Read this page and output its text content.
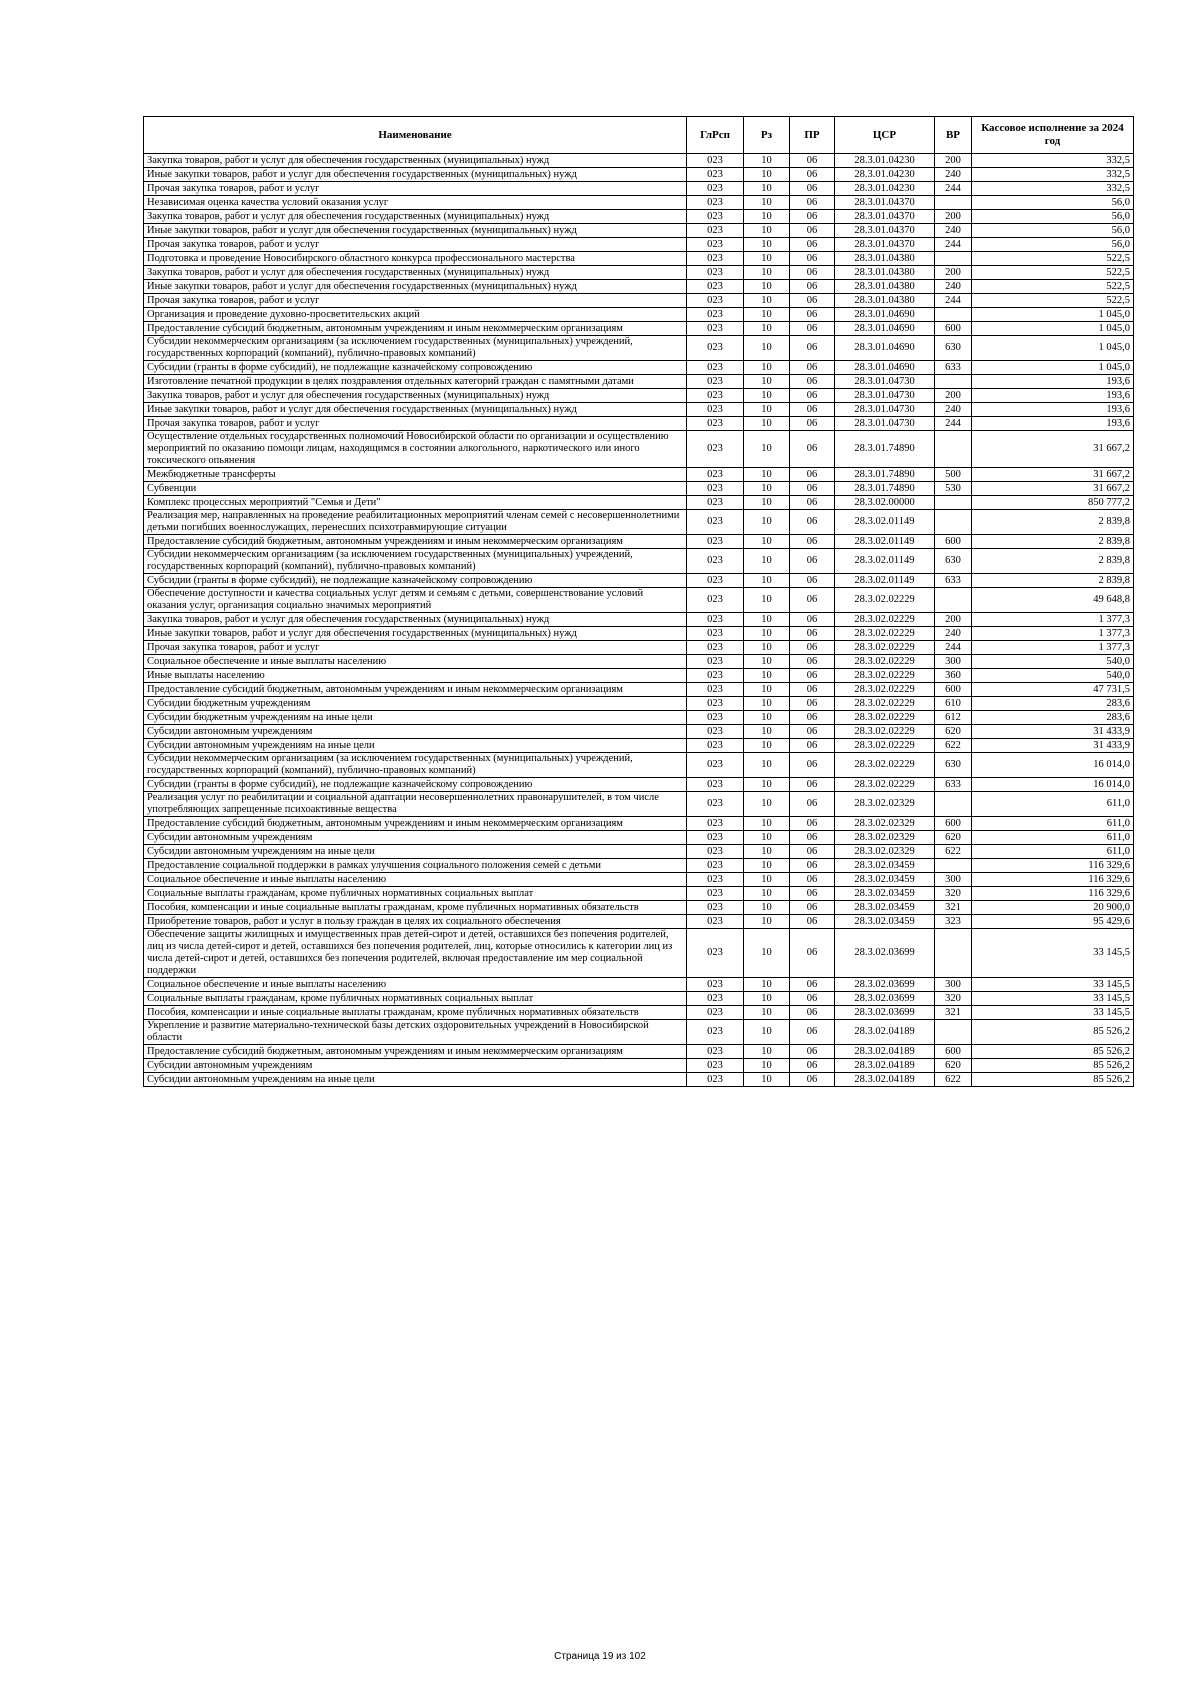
Наименование	ГлРсп	Рз	ПР	ЦСР	ВР	Кассовое исполнение за 2024 год
Закупка товаров, работ и услуг для обеспечения государственных (муниципальных) нужд	023	10	06	28.3.01.04230	200	332,5
Иные закупки товаров, работ и услуг для обеспечения государственных (муниципальных) нужд	023	10	06	28.3.01.04230	240	332,5
Прочая закупка товаров, работ и услуг	023	10	06	28.3.01.04230	244	332,5
Независимая оценка качества условий оказания услуг	023	10	06	28.3.01.04370		56,0
Закупка товаров, работ и услуг для обеспечения государственных (муниципальных) нужд	023	10	06	28.3.01.04370	200	56,0
Иные закупки товаров, работ и услуг для обеспечения государственных (муниципальных) нужд	023	10	06	28.3.01.04370	240	56,0
Прочая закупка товаров, работ и услуг	023	10	06	28.3.01.04370	244	56,0
Подготовка и проведение Новосибирского областного конкурса профессионального мастерства	023	10	06	28.3.01.04380		522,5
Закупка товаров, работ и услуг для обеспечения государственных (муниципальных) нужд	023	10	06	28.3.01.04380	200	522,5
Иные закупки товаров, работ и услуг для обеспечения государственных (муниципальных) нужд	023	10	06	28.3.01.04380	240	522,5
Прочая закупка товаров, работ и услуг	023	10	06	28.3.01.04380	244	522,5
Организация и проведение духовно-просветительских акций	023	10	06	28.3.01.04690		1 045,0
Предоставление субсидий бюджетным, автономным учреждениям и иным некоммерческим организациям	023	10	06	28.3.01.04690	600	1 045,0
Субсидии некоммерческим организациям (за исключением государственных (муниципальных) учреждений, государственных корпораций (компаний), публично-правовых компаний)	023	10	06	28.3.01.04690	630	1 045,0
Субсидии (гранты в форме субсидий), не подлежащие казначейскому сопровождению	023	10	06	28.3.01.04690	633	1 045,0
Изготовление печатной продукции в целях поздравления отдельных категорий граждан с памятными датами	023	10	06	28.3.01.04730		193,6
Закупка товаров, работ и услуг для обеспечения государственных (муниципальных) нужд	023	10	06	28.3.01.04730	200	193,6
Иные закупки товаров, работ и услуг для обеспечения государственных (муниципальных) нужд	023	10	06	28.3.01.04730	240	193,6
Прочая закупка товаров, работ и услуг	023	10	06	28.3.01.04730	244	193,6
Осуществление отдельных государственных полномочий Новосибирской области по организации и осуществлению мероприятий по оказанию помощи лицам, находящимся в состоянии алкогольного, наркотического или иного токсического опьянения	023	10	06	28.3.01.74890		31 667,2
Межбюджетные трансферты	023	10	06	28.3.01.74890	500	31 667,2
Субвенции	023	10	06	28.3.01.74890	530	31 667,2
Комплекс процессных мероприятий "Семья и Дети"	023	10	06	28.3.02.00000		850 777,2
Реализация мер, направленных на проведение реабилитационных мероприятий членам семей с несовершеннолетними детьми погибших военнослужащих, перенесших психотравмирующие ситуации	023	10	06	28.3.02.01149		2 839,8
Предоставление субсидий бюджетным, автономным учреждениям и иным некоммерческим организациям	023	10	06	28.3.02.01149	600	2 839,8
Субсидии некоммерческим организациям (за исключением государственных (муниципальных) учреждений, государственных корпораций (компаний), публично-правовых компаний)	023	10	06	28.3.02.01149	630	2 839,8
Субсидии (гранты в форме субсидий), не подлежащие казначейскому сопровождению	023	10	06	28.3.02.01149	633	2 839,8
Обеспечение доступности и качества социальных услуг детям и семьям с детьми, совершенствование условий оказания услуг, организация социально значимых мероприятий	023	10	06	28.3.02.02229		49 648,8
Закупка товаров, работ и услуг для обеспечения государственных (муниципальных) нужд	023	10	06	28.3.02.02229	200	1 377,3
Иные закупки товаров, работ и услуг для обеспечения государственных (муниципальных) нужд	023	10	06	28.3.02.02229	240	1 377,3
Прочая закупка товаров, работ и услуг	023	10	06	28.3.02.02229	244	1 377,3
Социальное обеспечение и иные выплаты населению	023	10	06	28.3.02.02229	300	540,0
Иные выплаты населению	023	10	06	28.3.02.02229	360	540,0
Предоставление субсидий бюджетным, автономным учреждениям и иным некоммерческим организациям	023	10	06	28.3.02.02229	600	47 731,5
Субсидии бюджетным учреждениям	023	10	06	28.3.02.02229	610	283,6
Субсидии бюджетным учреждениям на иные цели	023	10	06	28.3.02.02229	612	283,6
Субсидии автономным учреждениям	023	10	06	28.3.02.02229	620	31 433,9
Субсидии автономным учреждениям на иные цели	023	10	06	28.3.02.02229	622	31 433,9
Субсидии некоммерческим организациям (за исключением государственных (муниципальных) учреждений, государственных корпораций (компаний), публично-правовых компаний)	023	10	06	28.3.02.02229	630	16 014,0
Субсидии (гранты в форме субсидий), не подлежащие казначейскому сопровождению	023	10	06	28.3.02.02229	633	16 014,0
Реализация услуг по реабилитации и социальной адаптации несовершеннолетних правонарушителей, в том числе употребляющих запрещенные психоактивные вещества	023	10	06	28.3.02.02329		611,0
Предоставление субсидий бюджетным, автономным учреждениям и иным некоммерческим организациям	023	10	06	28.3.02.02329	600	611,0
Субсидии автономным учреждениям	023	10	06	28.3.02.02329	620	611,0
Субсидии автономным учреждениям на иные цели	023	10	06	28.3.02.02329	622	611,0
Предоставление социальной поддержки в рамках улучшения социального положения семей с детьми	023	10	06	28.3.02.03459		116 329,6
Социальное обеспечение и иные выплаты населению	023	10	06	28.3.02.03459	300	116 329,6
Социальные выплаты гражданам, кроме публичных нормативных социальных выплат	023	10	06	28.3.02.03459	320	116 329,6
Пособия, компенсации и иные социальные выплаты гражданам, кроме публичных нормативных обязательств	023	10	06	28.3.02.03459	321	20 900,0
Приобретение товаров, работ и услуг в пользу граждан в целях их социального обеспечения	023	10	06	28.3.02.03459	323	95 429,6
Обеспечение защиты жилищных и имущественных прав детей-сирот и детей, оставшихся без попечения родителей, лиц из числа детей-сирот и детей, оставшихся без попечения родителей, лиц, которые относились к категории лиц из числа детей-сирот и детей, оставшихся без попечения родителей, включая предоставление им мер социальной поддержки	023	10	06	28.3.02.03699		33 145,5
Социальное обеспечение и иные выплаты населению	023	10	06	28.3.02.03699	300	33 145,5
Социальные выплаты гражданам, кроме публичных нормативных социальных выплат	023	10	06	28.3.02.03699	320	33 145,5
Пособия, компенсации и иные социальные выплаты гражданам, кроме публичных нормативных обязательств	023	10	06	28.3.02.03699	321	33 145,5
Укрепление и развитие материально-технической базы детских оздоровительных учреждений в Новосибирской области	023	10	06	28.3.02.04189		85 526,2
Предоставление субсидий бюджетным, автономным учреждениям и иным некоммерческим организациям	023	10	06	28.3.02.04189	600	85 526,2
Субсидии автономным учреждениям	023	10	06	28.3.02.04189	620	85 526,2
Субсидии автономным учреждениям на иные цели	023	10	06	28.3.02.04189	622	85 526,2
Страница 19 из 102
